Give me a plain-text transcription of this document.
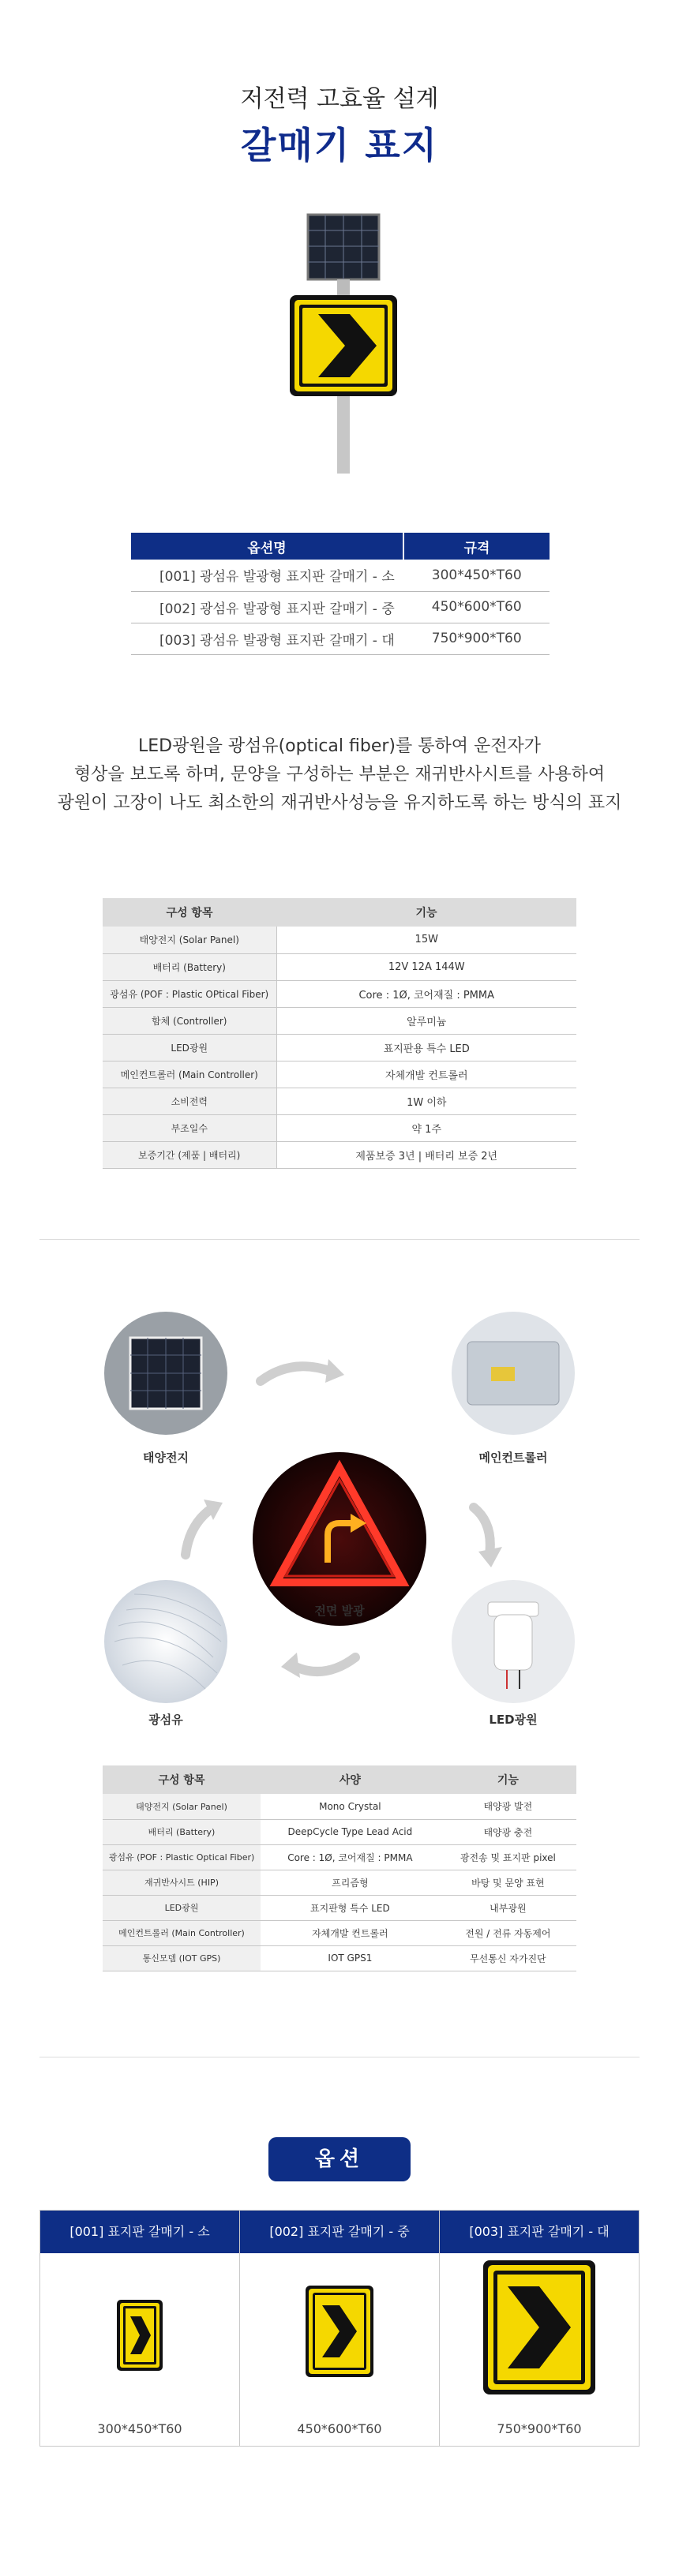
저전력 고효율 설계
갈매기 표지
옵션명	규격
[001] 광섬유 발광형 표지판 갈매기 - 소	300*450*T60
[002] 광섬유 발광형 표지판 갈매기 - 중	450*600*T60
[003] 광섬유 발광형 표지판 갈매기 - 대	750*900*T60
LED광원을 광섬유(optical fiber)를 통하여 운전자가
형상을 보도록 하며, 문양을 구성하는 부분은 재귀반사시트를 사용하여
광원이 고장이 나도 최소한의 재귀반사성능을 유지하도록 하는 방식의 표지
구성 항목	기능
태양전지 (Solar Panel)	15W
배터리 (Battery)	12V 12A 144W
광섬유 (POF : Plastic OPtical Fiber)	Core : 1Ø, 코어재질 : PMMA
함체 (Controller)	알루미늄
LED광원	표지판용 특수 LED
메인컨트롤러 (Main Controller)	자체개발 컨트롤러
소비전력	1W 이하
부조일수	약 1주
보증기간 (제품 | 배터리)	제품보증 3년 | 배터리 보증 2년
태양전지	메인컨트롤러
전면 발광
광섬유	LED광원
구성 항목	사양	기능
태양전지 (Solar Panel)	Mono Crystal	태양광 발전
배터리 (Battery)	DeepCycle Type Lead Acid	태양광 충전
광섬유 (POF : Plastic Optical Fiber)	Core : 1Ø, 코어재질 : PMMA	광전송 및 표지판 pixel
재귀반사시트 (HIP)	프리즘형	바탕 및 문양 표현
LED광원	표지판형 특수 LED	내부광원
메인컨트롤러 (Main Controller)	자체개발 컨트롤러	전원 / 전류 자동제어
통신모뎀 (IOT GPS)	IOT GPS1	무선통신 자가진단
옵션
[001] 표지판 갈매기 - 소
300*450*T60
[002] 표지판 갈매기 - 중
450*600*T60
[003] 표지판 갈매기 - 대
750*900*T60
